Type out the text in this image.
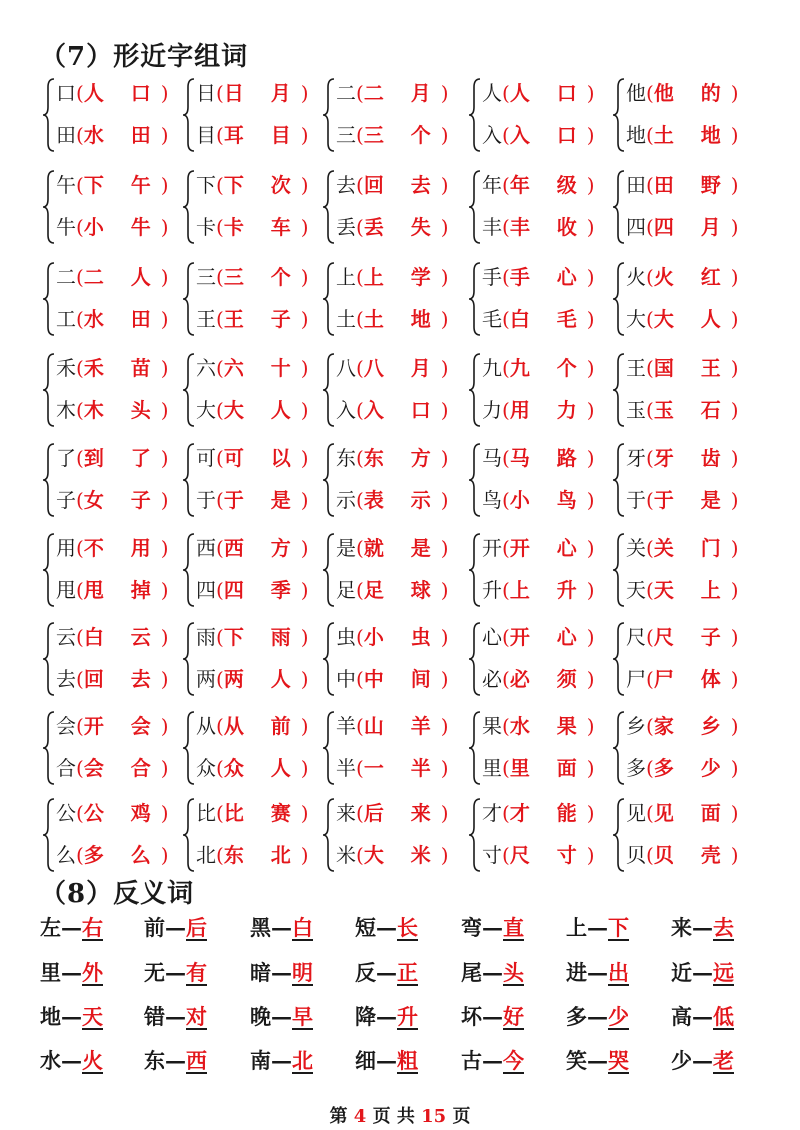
（7）形近字组词
口(人 口)
田(水 田)
日(日 月)
目(耳 目)
二(二 月)
三(三 个)
人(人 口)
入(入 口)
他(他 的)
地(土 地)
午(下 午)
牛(小 牛)
下(下 次)
卡(卡 车)
去(回 去)
丢(丢 失)
年(年 级)
丰(丰 收)
田(田 野)
四(四 月)
二(二 人)
工(水 田)
三(三 个)
王(王 子)
上(上 学)
土(土 地)
手(手 心)
毛(白 毛)
火(火 红)
大(大 人)
禾(禾 苗)
木(木 头)
六(六 十)
大(大 人)
八(八 月)
入(入 口)
九(九 个)
力(用 力)
王(国 王)
玉(玉 石)
了(到 了)
子(女 子)
可(可 以)
于(于 是)
东(东 方)
示(表 示)
马(马 路)
鸟(小 鸟)
牙(牙 齿)
于(于 是)
用(不 用)
甩(甩 掉)
西(西 方)
四(四 季)
是(就 是)
足(足 球)
开(开 心)
升(上 升)
关(关 门)
天(天 上)
云(白 云)
去(回 去)
雨(下 雨)
两(两 人)
虫(小 虫)
中(中 间)
心(开 心)
必(必 须)
尺(尺 子)
尸(尸 体)
会(开 会)
合(会 合)
从(从 前)
众(众 人)
羊(山 羊)
半(一 半)
果(水 果)
里(里 面)
乡(家 乡)
多(多 少)
公(公 鸡)
么(多 么)
比(比 赛)
北(东 北)
来(后 来)
米(大 米)
才(才 能)
寸(尺 寸)
见(见 面)
贝(贝 壳)
（8）反义词
左—右 前—后 黑—白 短—长 弯—直 上—下 来—去
里—外 无—有 暗—明 反—正 尾—头 进—出 近—远
地—天 错—对 晚—早 降—升 坏—好 多—少 高—低
水—火 东—西 南—北 细—粗 古—今 笑—哭 少—老
第 4 页 共 15 页
